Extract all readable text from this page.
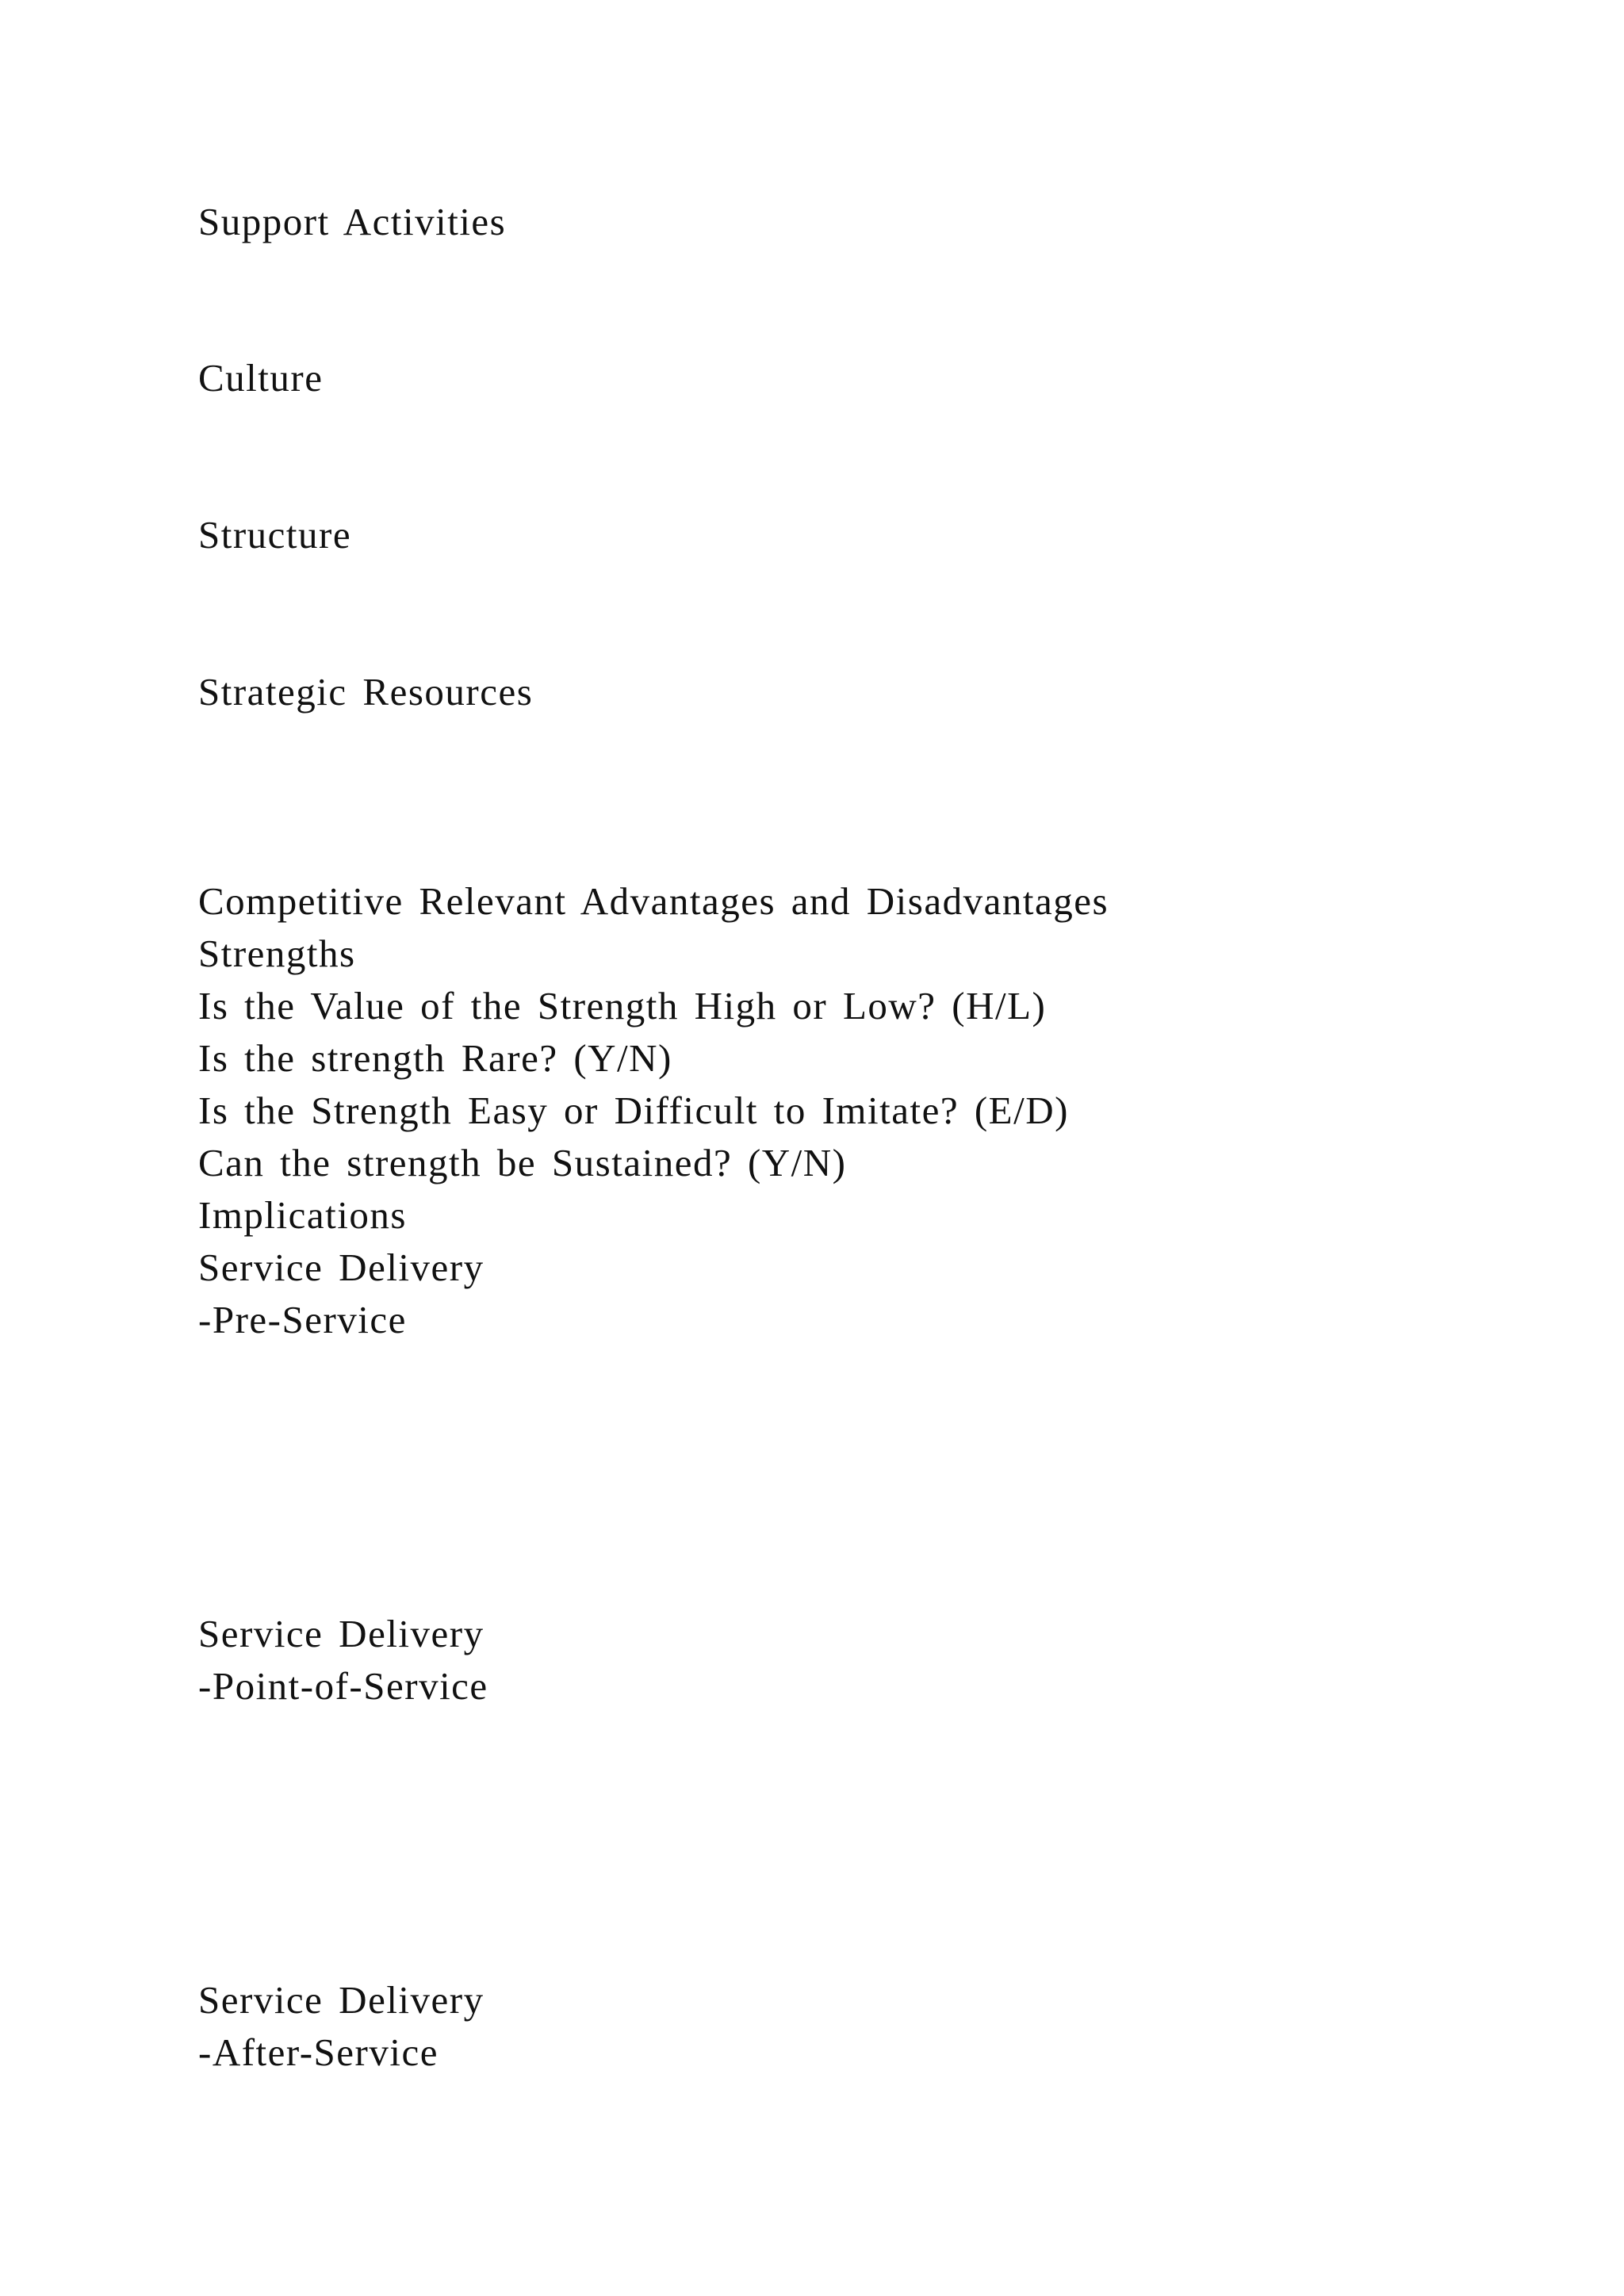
Support Activities

Culture

Structure

Strategic Resources

Competitive Relevant Advantages and Disadvantages

Strengths

Is the Value of the Strength High or Low? (H/L)

Is the strength Rare? (Y/N)

Is the Strength Easy or Difficult to Imitate? (E/D)

Can the strength be Sustained? (Y/N)

Implications

Service Delivery

-Pre-Service

Service Delivery

-Point-of-Service

Service Delivery

-After-Service
